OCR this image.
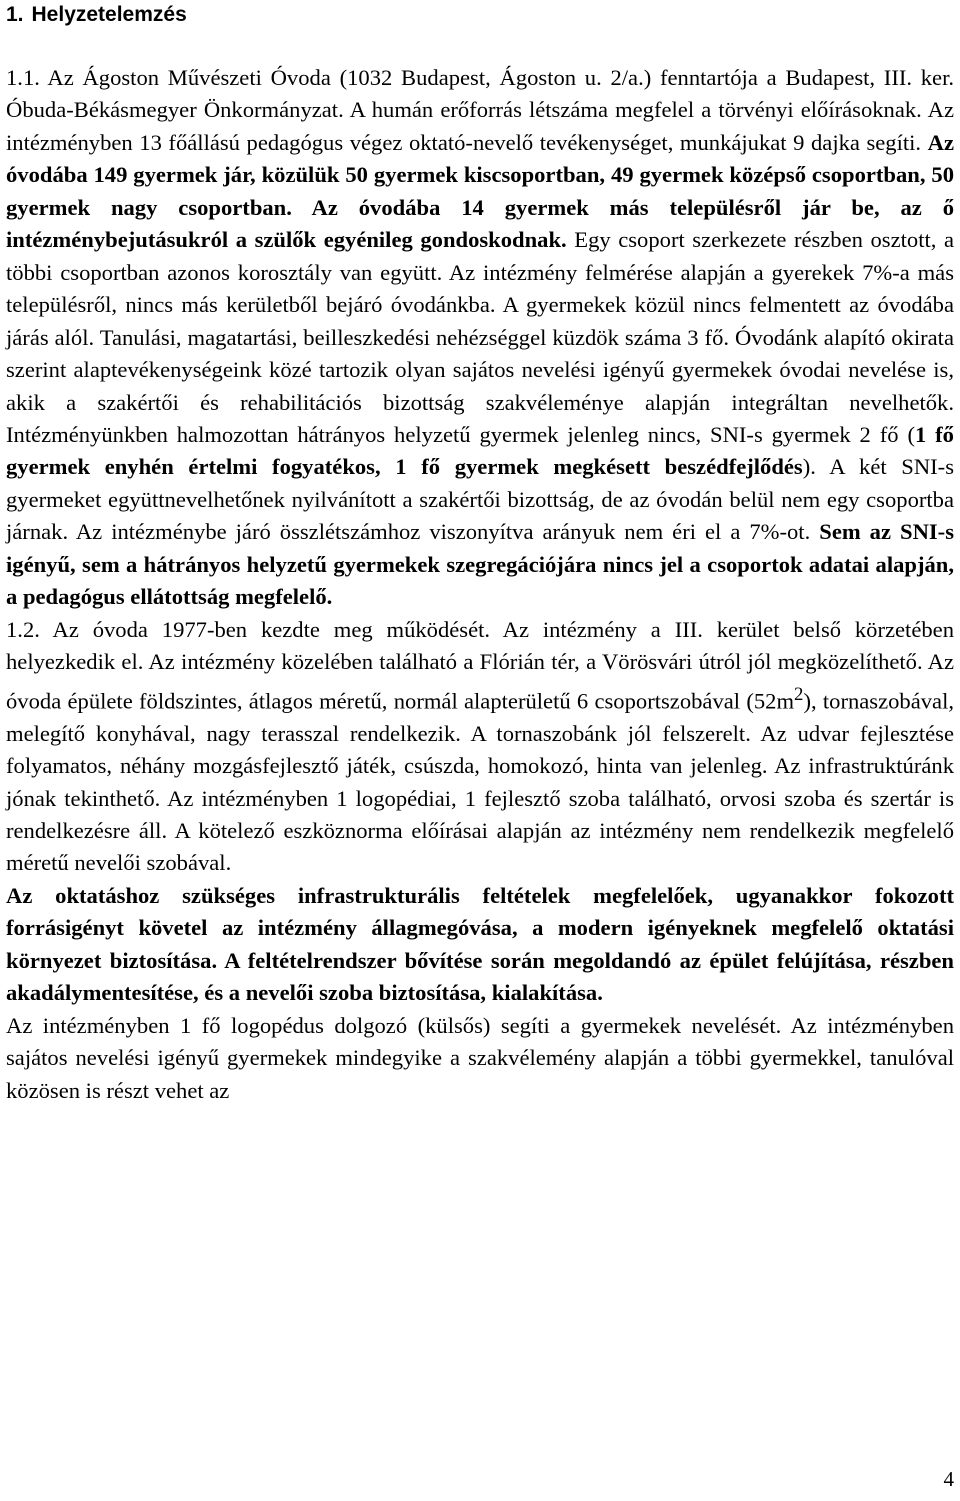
1. Helyzetelemzés
1.1. Az Ágoston Művészeti Óvoda (1032 Budapest, Ágoston u. 2/a.) fenntartója a Budapest, III. ker. Óbuda-Békásmegyer Önkormányzat. A humán erőforrás létszáma megfelel a törvényi előírásoknak. Az intézményben 13 főállású pedagógus végez oktató-nevelő tevékenységet, munkájukat 9 dajka segíti. Az óvodába 149 gyermek jár, közülük 50 gyermek kiscsoportban, 49 gyermek középső csoportban, 50 gyermek nagy csoportban. Az óvodába 14 gyermek más településről jár be, az ő intézménybejutásukról a szülők egyénileg gondoskodnak. Egy csoport szerkezete részben osztott, a többi csoportban azonos korosztály van együtt. Az intézmény felmérése alapján a gyerekek 7%-a más településről, nincs más kerületből bejáró óvodánkba. A gyermekek közül nincs felmentett az óvodába járás alól. Tanulási, magatartási, beilleszkedési nehézséggel küzdök száma 3 fő. Óvodánk alapító okirata szerint alaptevékenységeink közé tartozik olyan sajátos nevelési igényű gyermekek óvodai nevelése is, akik a szakértői és rehabilitációs bizottság szakvéleménye alapján integráltan nevelhetők. Intézményünkben halmozottan hátrányos helyzetű gyermek jelenleg nincs, SNI-s gyermek 2 fő (1 fő gyermek enyhén értelmi fogyatékos, 1 fő gyermek megkésett beszédfejlődés). A két SNI-s gyermeket együttnevelhetőnek nyilvánított a szakértői bizottság, de az óvodán belül nem egy csoportba járnak. Az intézménybe járó összlétszámhoz viszonyítva arányuk nem éri el a 7%-ot. Sem az SNI-s igényű, sem a hátrányos helyzetű gyermekek szegregációjára nincs jel a csoportok adatai alapján, a pedagógus ellátottság megfelelő.
1.2. Az óvoda 1977-ben kezdte meg működését. Az intézmény a III. kerület belső körzetében helyezkedik el. Az intézmény közelében található a Flórián tér, a Vörösvári útról jól megközelíthető. Az óvoda épülete földszintes, átlagos méretű, normál alapterületű 6 csoportszobával $(52m^2)$, tornaszobával, melegítő konyhával, nagy terasszal rendelkezik. A tornaszobánk jól felszerelt. Az udvar fejlesztése folyamatos, néhány mozgásfejlesztő játék, csúszda, homokozó, hinta van jelenleg. Az infrastruktúránk jónak tekinthető. Az intézményben 1 logopédiai, 1 fejlesztő szoba található, orvosi szoba és szertár is rendelkezésre áll. A kötelező eszköznorma előírásai alapján az intézmény nem rendelkezik megfelelő méretű nevelői szobával.
Az oktatáshoz szükséges infrastrukturális feltételek megfelelőek, ugyanakkor fokozott forrásigényt követel az intézmény állagmegóvása, a modern igényeknek megfelelő oktatási környezet biztosítása. A feltételrendszer bővítése során megoldandó az épület felújítása, részben akadálymentesítése, és a nevelői szoba biztosítása, kialakítása.
Az intézményben 1 fő logopédus dolgozó (külsős) segíti a gyermekek nevelését. Az intézményben sajátos nevelési igényű gyermekek mindegyike a szakvélemény alapján a többi gyermekkel, tanulóval közösen is részt vehet az
4
